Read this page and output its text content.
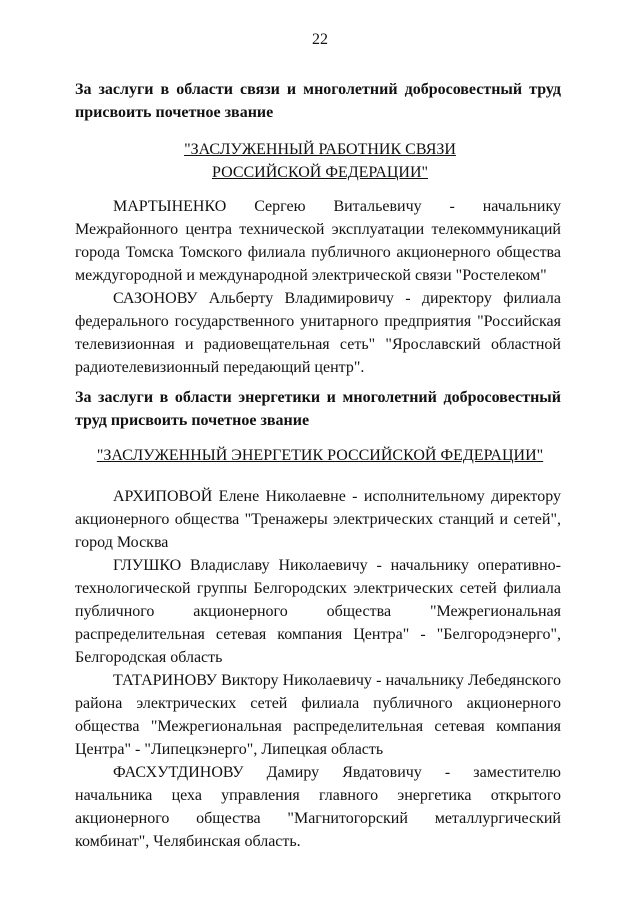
22
За заслуги в области связи и многолетний добросовестный труд присвоить почетное звание
"ЗАСЛУЖЕННЫЙ РАБОТНИК СВЯЗИ
РОССИЙСКОЙ ФЕДЕРАЦИИ"

МАРТЫНЕНКО Сергею Витальевичу - начальнику Межрайонного центра технической эксплуатации телекоммуникаций города Томска Томского филиала публичного акционерного общества междугородной и международной электрической связи "Ростелеком"

САЗОНОВУ Альберту Владимировичу - директору филиала федерального государственного унитарного предприятия "Российская телевизионная и радиовещательная сеть" "Ярославский областной радиотелевизионный передающий центр".

За заслуги в области энергетики и многолетний добросовестный труд присвоить почетное звание
"ЗАСЛУЖЕННЫЙ ЭНЕРГЕТИК РОССИЙСКОЙ ФЕДЕРАЦИИ"

АРХИПОВОЙ Елене Николаевне - исполнительному директору акционерного общества "Тренажеры электрических станций и сетей", город Москва

ГЛУШКО Владиславу Николаевичу - начальнику оперативно-технологической группы Белгородских электрических сетей филиала публичного акционерного общества "Межрегиональная распределительная сетевая компания Центра" - "Белгородэнерго", Белгородская область

ТАТАРИНОВУ Виктору Николаевичу - начальнику Лебедянского района электрических сетей филиала публичного акционерного общества "Межрегиональная распределительная сетевая компания Центра" - "Липецкэнерго", Липецкая область

ФАСХУТДИНОВУ Дамиру Явдатовичу - заместителю начальника цеха управления главного энергетика открытого акционерного общества "Магнитогорский металлургический комбинат", Челябинская область.
